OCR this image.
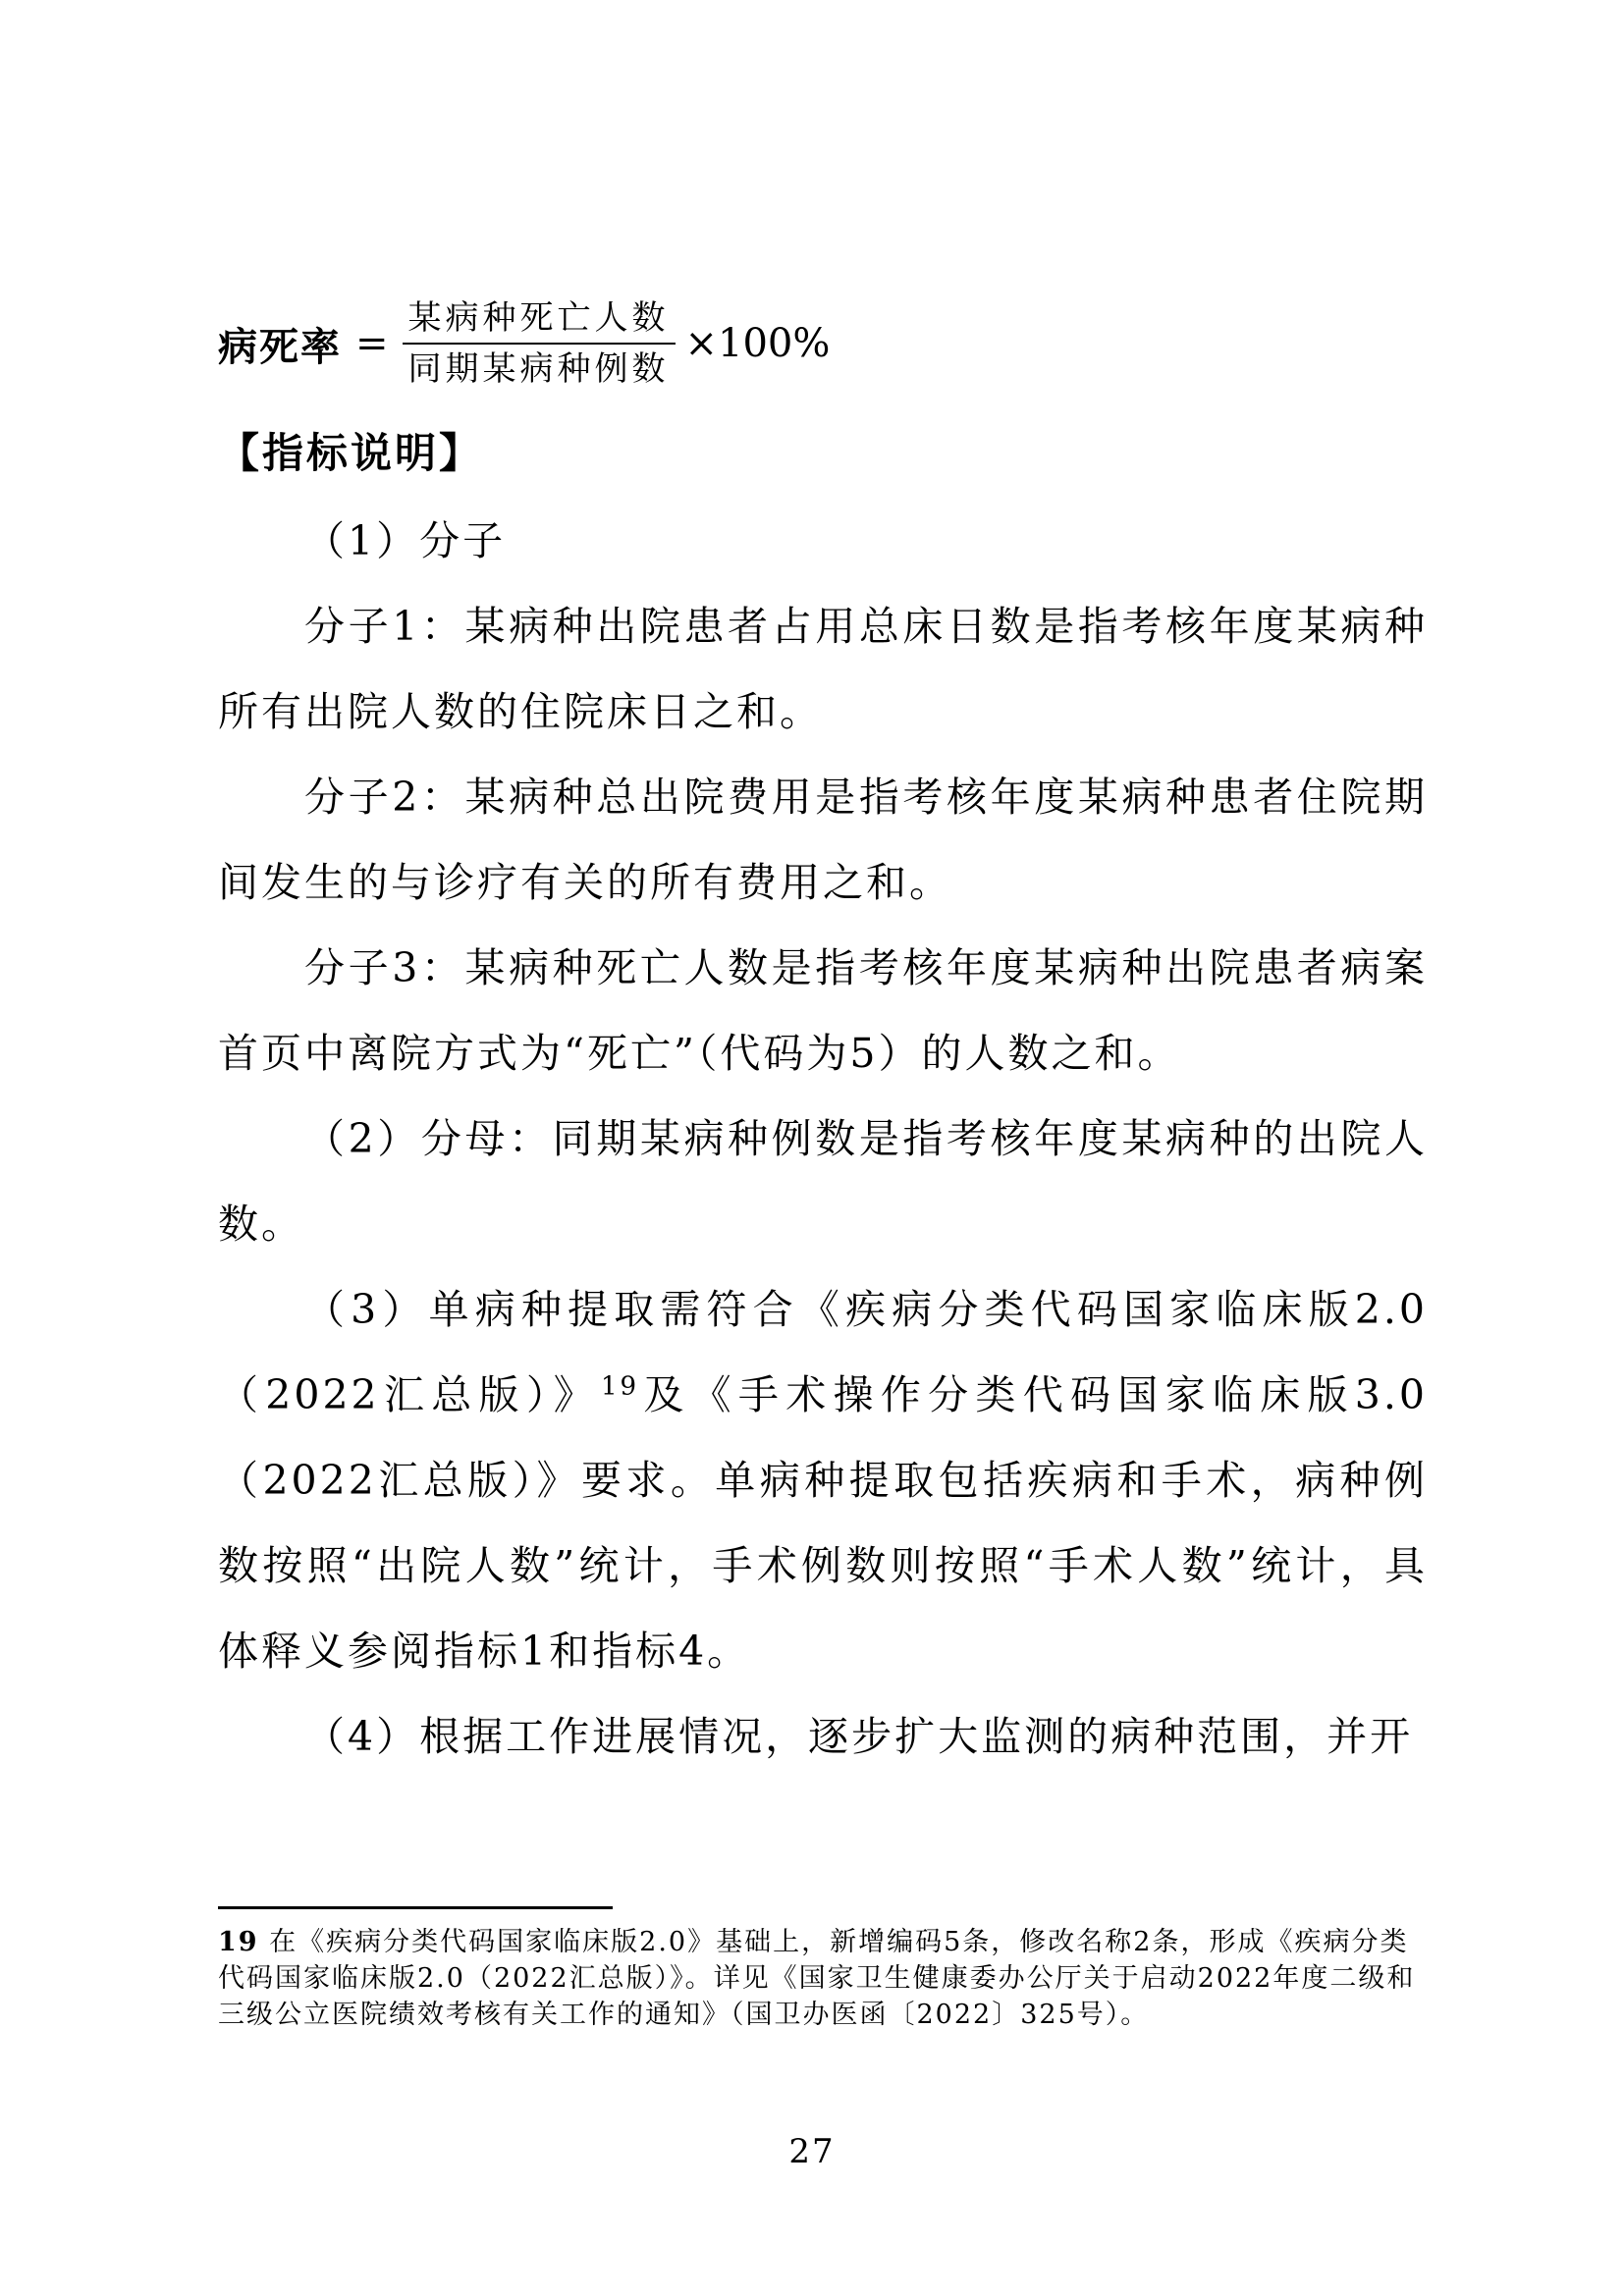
病死率 = $\frac{\text{某病种死亡人数}}{\text{同期某病种例数}} \times 100\%$
【指标说明】

（1）分子

分子1：某病种出院患者占用总床日数是指考核年度某病种所有出院人数的住院床日之和。

分子2：某病种总出院费用是指考核年度某病种患者住院期间发生的与诊疗有关的所有费用之和。

分子3：某病种死亡人数是指考核年度某病种出院患者病案首页中离院方式为“死亡”（代码为5）的人数之和。

（2）分母：同期某病种例数是指考核年度某病种的出院人数。

（3）单病种提取需符合《疾病分类代码国家临床版2.0（2022汇总版）》$^{19}$及《手术操作分类代码国家临床版3.0（2022汇总版）》要求。单病种提取包括疾病和手术，病种例数按照“出院人数”统计，手术例数则按照“手术人数”统计，具体释义参阅指标1和指标4。

（4）根据工作进展情况，逐步扩大监测的病种范围，并开

19 在《疾病分类代码国家临床版2.0》基础上，新增编码5条，修改名称2条，形成《疾病分类代码国家临床版2.0（2022汇总版）》。详见《国家卫生健康委办公厅关于启动2022年度二级和三级公立医院绩效考核有关工作的通知》（国卫办医函〔2022〕325号）。

27
